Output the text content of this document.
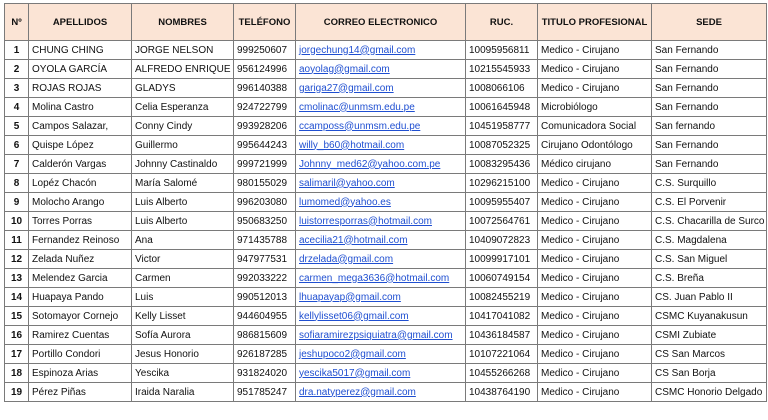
Nº	APELLIDOS	NOMBRES	TELÉFONO	CORREO ELECTRONICO	RUC.	TITULO PROFESIONAL	SEDE
1	CHUNG CHING	JORGE NELSON	999250607	jorgechung14@gmail.com	10095956811	Medico - Cirujano	San Fernando
2	OYOLA GARCÍA	ALFREDO ENRIQUE	956124996	aoyolag@gmail.com	10215545933	Medico - Cirujano	San Fernando
3	ROJAS ROJAS	GLADYS	996140388	gariga27@gmail.com	1008066106	Medico - Cirujano	San Fernando
4	Molina Castro	Celia Esperanza	924722799	cmolinac@unmsm.edu.pe	10061645948	Microbiólogo	San Fernando
5	Campos Salazar,	Conny Cindy	993928206	ccamposs@unmsm.edu.pe	10451958777	Comunicadora Social	San fernando
6	Quispe López	Guillermo	995644243	willy_b60@hotmail.com	10087052325	Cirujano Odontólogo	San Fernando
7	Calderón Vargas	Johnny Castinaldo	999721999	Johnny_med62@yahoo.com.pe	10083295436	Médico cirujano	San Fernando
8	Lopéz Chacón	María Salomé	980155029	salimaril@yahoo.com	10296215100	Medico - Cirujano	C.S. Surquillo
9	Molocho Arango	Luis Alberto	996203080	lumomed@yahoo.es	10095955407	Medico - Cirujano	C.S. El Porvenir
10	Torres Porras	Luis Alberto	950683250	luistorresporras@hotmail.com	10072564761	Medico - Cirujano	C.S. Chacarilla de Surco
11	Fernandez Reinoso	Ana	971435788	acecilia21@hotmail.com	10409072823	Medico - Cirujano	C.S. Magdalena
12	Zelada Nuñez	Victor	947977531	drzelada@gmail.com	10099917101	Medico - Cirujano	C.S. San Miguel
13	Melendez Garcia	Carmen	992033222	carmen_mega3636@hotmail.com	10060749154	Medico - Cirujano	C.S. Breña
14	Huapaya Pando	Luis	990512013	lhuapayap@gmail.com	10082455219	Medico - Cirujano	CS. Juan Pablo II
15	Sotomayor Cornejo	Kelly Lisset	944604955	kellylisset06@gmail.com	10417041082	Medico - Cirujano	CSMC Kuyanakusun
16	Ramirez Cuentas	Sofía Aurora	986815609	sofiaramirezpsiquiatra@gmail.com	10436184587	Medico - Cirujano	CSMI Zubiate
17	Portillo Condori	Jesus Honorio	926187285	jeshupoco2@gmail.com	10107221064	Medico - Cirujano	CS San Marcos
18	Espinoza Arias	Yescika	931824020	yescika5017@gmail.com	10455266268	Medico - Cirujano	CS San Borja
19	Pérez Piñas	Iraida Naralia	951785247	dra.natyperez@gmail.com	10438764190	Medico - Cirujano	CSMC Honorio Delgado
